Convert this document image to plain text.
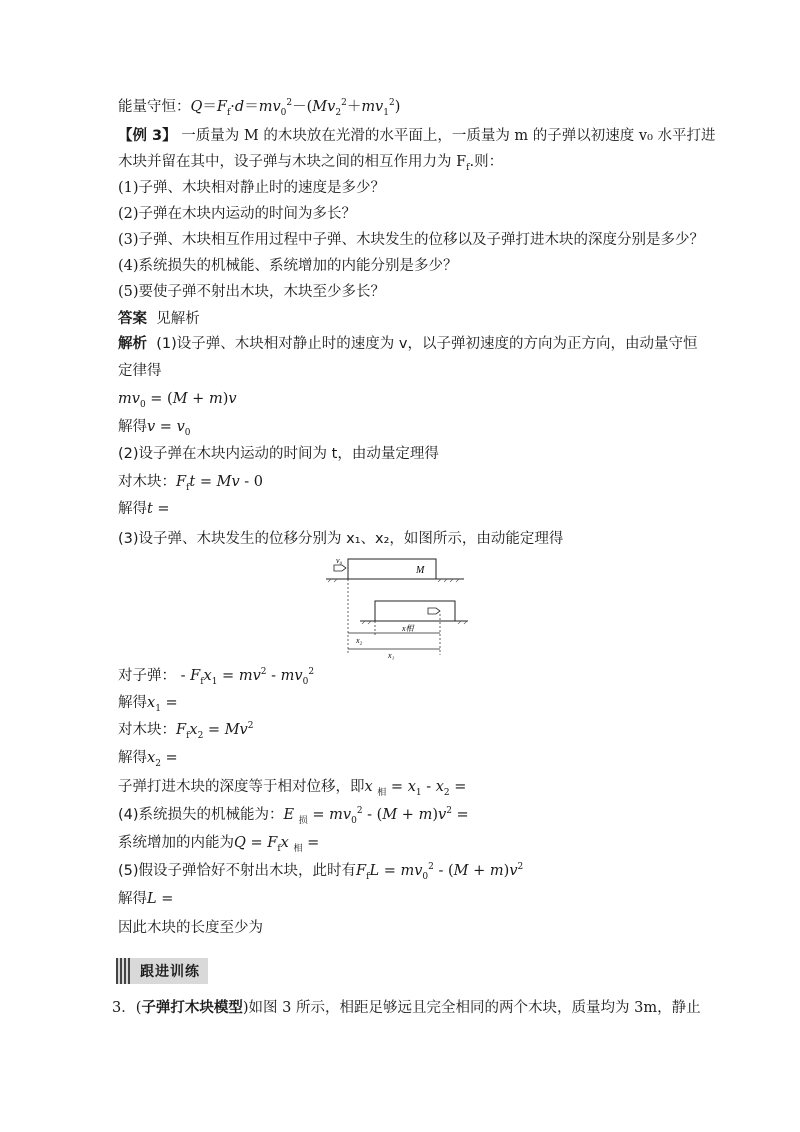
能量守恒：$Q=F_f\cdot d=mv_0^2-(Mv_2^2+mv_1^2)$
【例 3】 一质量为 M 的木块放在光滑的水平面上，一质量为 m 的子弹以初速度 v₀ 水平打进
木块并留在其中，设子弹与木块之间的相互作用力为 $F_f$.则：
(1)子弹、木块相对静止时的速度是多少？
(2)子弹在木块内运动的时间为多长？
(3)子弹、木块相互作用过程中子弹、木块发生的位移以及子弹打进木块的深度分别是多少？
(4)系统损失的机械能、系统增加的内能分别是多少？
(5)要使子弹不射出木块，木块至少多长？
答案 见解析
解析 (1)设子弹、木块相对静止时的速度为 v，以子弹初速度的方向为正方向，由动量守恒
定律得
$mv_0 = (M + m)v$
解得$v = v_0$
(2)设子弹在木块内运动的时间为 t，由动量定理得
对木块：$F_ft = Mv - 0$
解得t =
(3)设子弹、木块发生的位移分别为 x₁、x₂，如图所示，由动能定理得
M
v₀
x₂
x相
x₁
对子弹： - $F_fx_1 = mv^2 - mv_0^2$
解得$x_1$ =
对木块：$F_fx_2 = Mv^2$
解得$x_2$ =
子弹打进木块的深度等于相对位移，即x $_相 = x_1 - x_2$ =
(4)系统损失的机械能为：E $_损 = mv_0^2 - (M + m)v^2$ =
系统增加的内能为$Q = F_fx$ $_相$ =
(5)假设子弹恰好不射出木块，此时有$F_fL = mv_0^2 - (M + m)v^2$
解得L =
因此木块的长度至少为
跟进训练
3．(子弹打木块模型)如图 3 所示，相距足够远且完全相同的两个木块，质量均为 3m，静止
